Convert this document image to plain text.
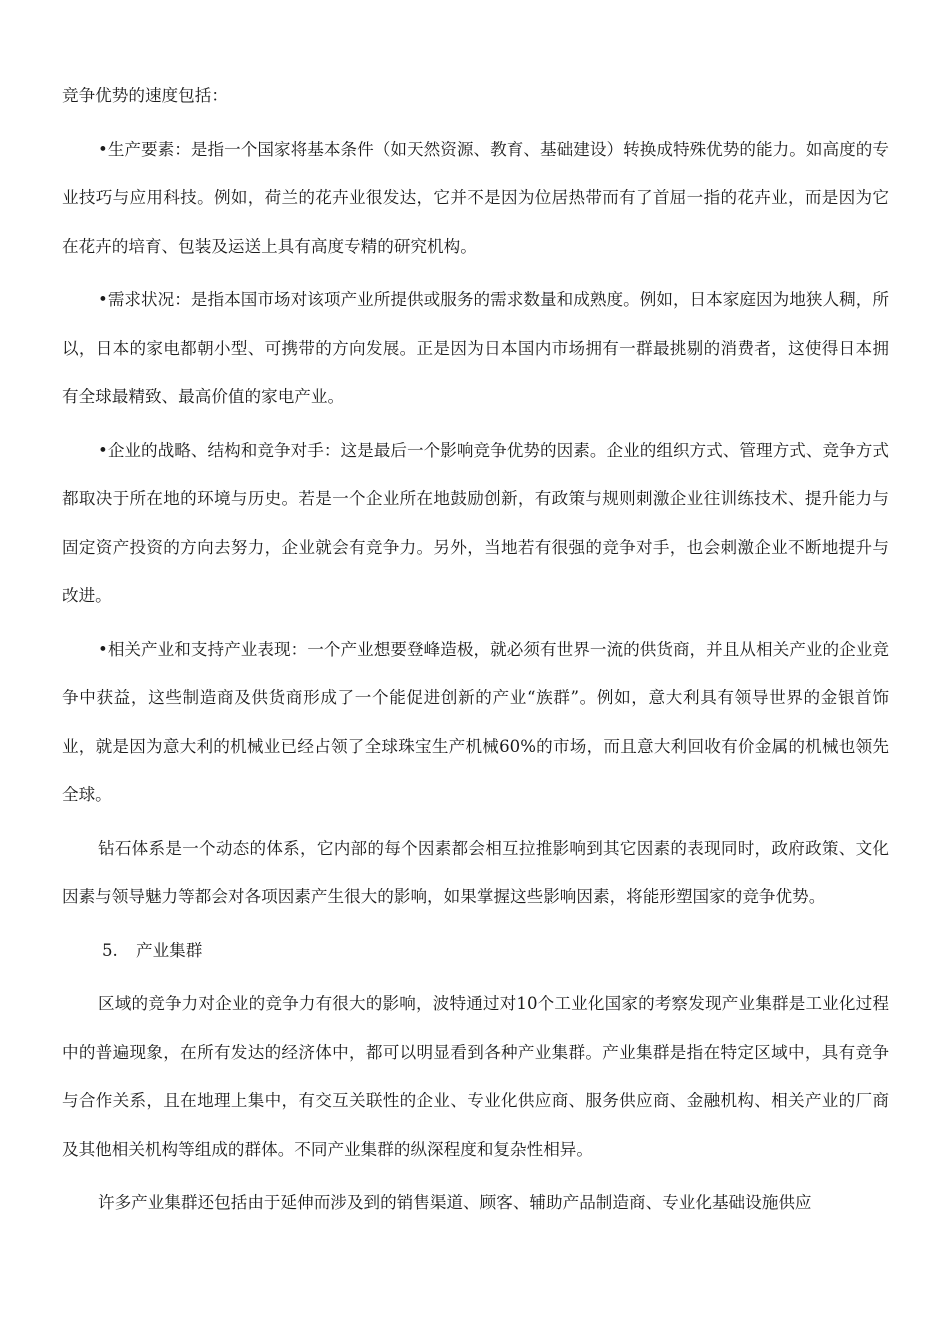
竞争优势的速度包括：

•生产要素：是指一个国家将基本条件（如天然资源、教育、基础建设）转换成特殊优势的能力。如高度的专业技巧与应用科技。例如，荷兰的花卉业很发达，它并不是因为位居热带而有了首屈一指的花卉业，而是因为它在花卉的培育、包装及运送上具有高度专精的研究机构。

•需求状况：是指本国市场对该项产业所提供或服务的需求数量和成熟度。例如，日本家庭因为地狭人稠，所以，日本的家电都朝小型、可携带的方向发展。正是因为日本国内市场拥有一群最挑剔的消费者，这使得日本拥有全球最精致、最高价值的家电产业。

•企业的战略、结构和竞争对手：这是最后一个影响竞争优势的因素。企业的组织方式、管理方式、竞争方式都取决于所在地的环境与历史。若是一个企业所在地鼓励创新，有政策与规则刺激企业往训练技术、提升能力与固定资产投资的方向去努力，企业就会有竞争力。另外，当地若有很强的竞争对手，也会刺激企业不断地提升与改进。

•相关产业和支持产业表现：一个产业想要登峰造极，就必须有世界一流的供货商，并且从相关产业的企业竞争中获益，这些制造商及供货商形成了一个能促进创新的产业“族群”。例如，意大利具有领导世界的金银首饰业，就是因为意大利的机械业已经占领了全球珠宝生产机械60%的市场，而且意大利回收有价金属的机械也领先全球。

钻石体系是一个动态的体系，它内部的每个因素都会相互拉推影响到其它因素的表现同时，政府政策、文化因素与领导魅力等都会对各项因素产生很大的影响，如果掌握这些影响因素，将能形塑国家的竞争优势。

5. 产业集群

区域的竞争力对企业的竞争力有很大的影响，波特通过对10个工业化国家的考察发现产业集群是工业化过程中的普遍现象，在所有发达的经济体中，都可以明显看到各种产业集群。产业集群是指在特定区域中，具有竞争与合作关系，且在地理上集中，有交互关联性的企业、专业化供应商、服务供应商、金融机构、相关产业的厂商及其他相关机构等组成的群体。不同产业集群的纵深程度和复杂性相异。

许多产业集群还包括由于延伸而涉及到的销售渠道、顾客、辅助产品制造商、专业化基础设施供应
